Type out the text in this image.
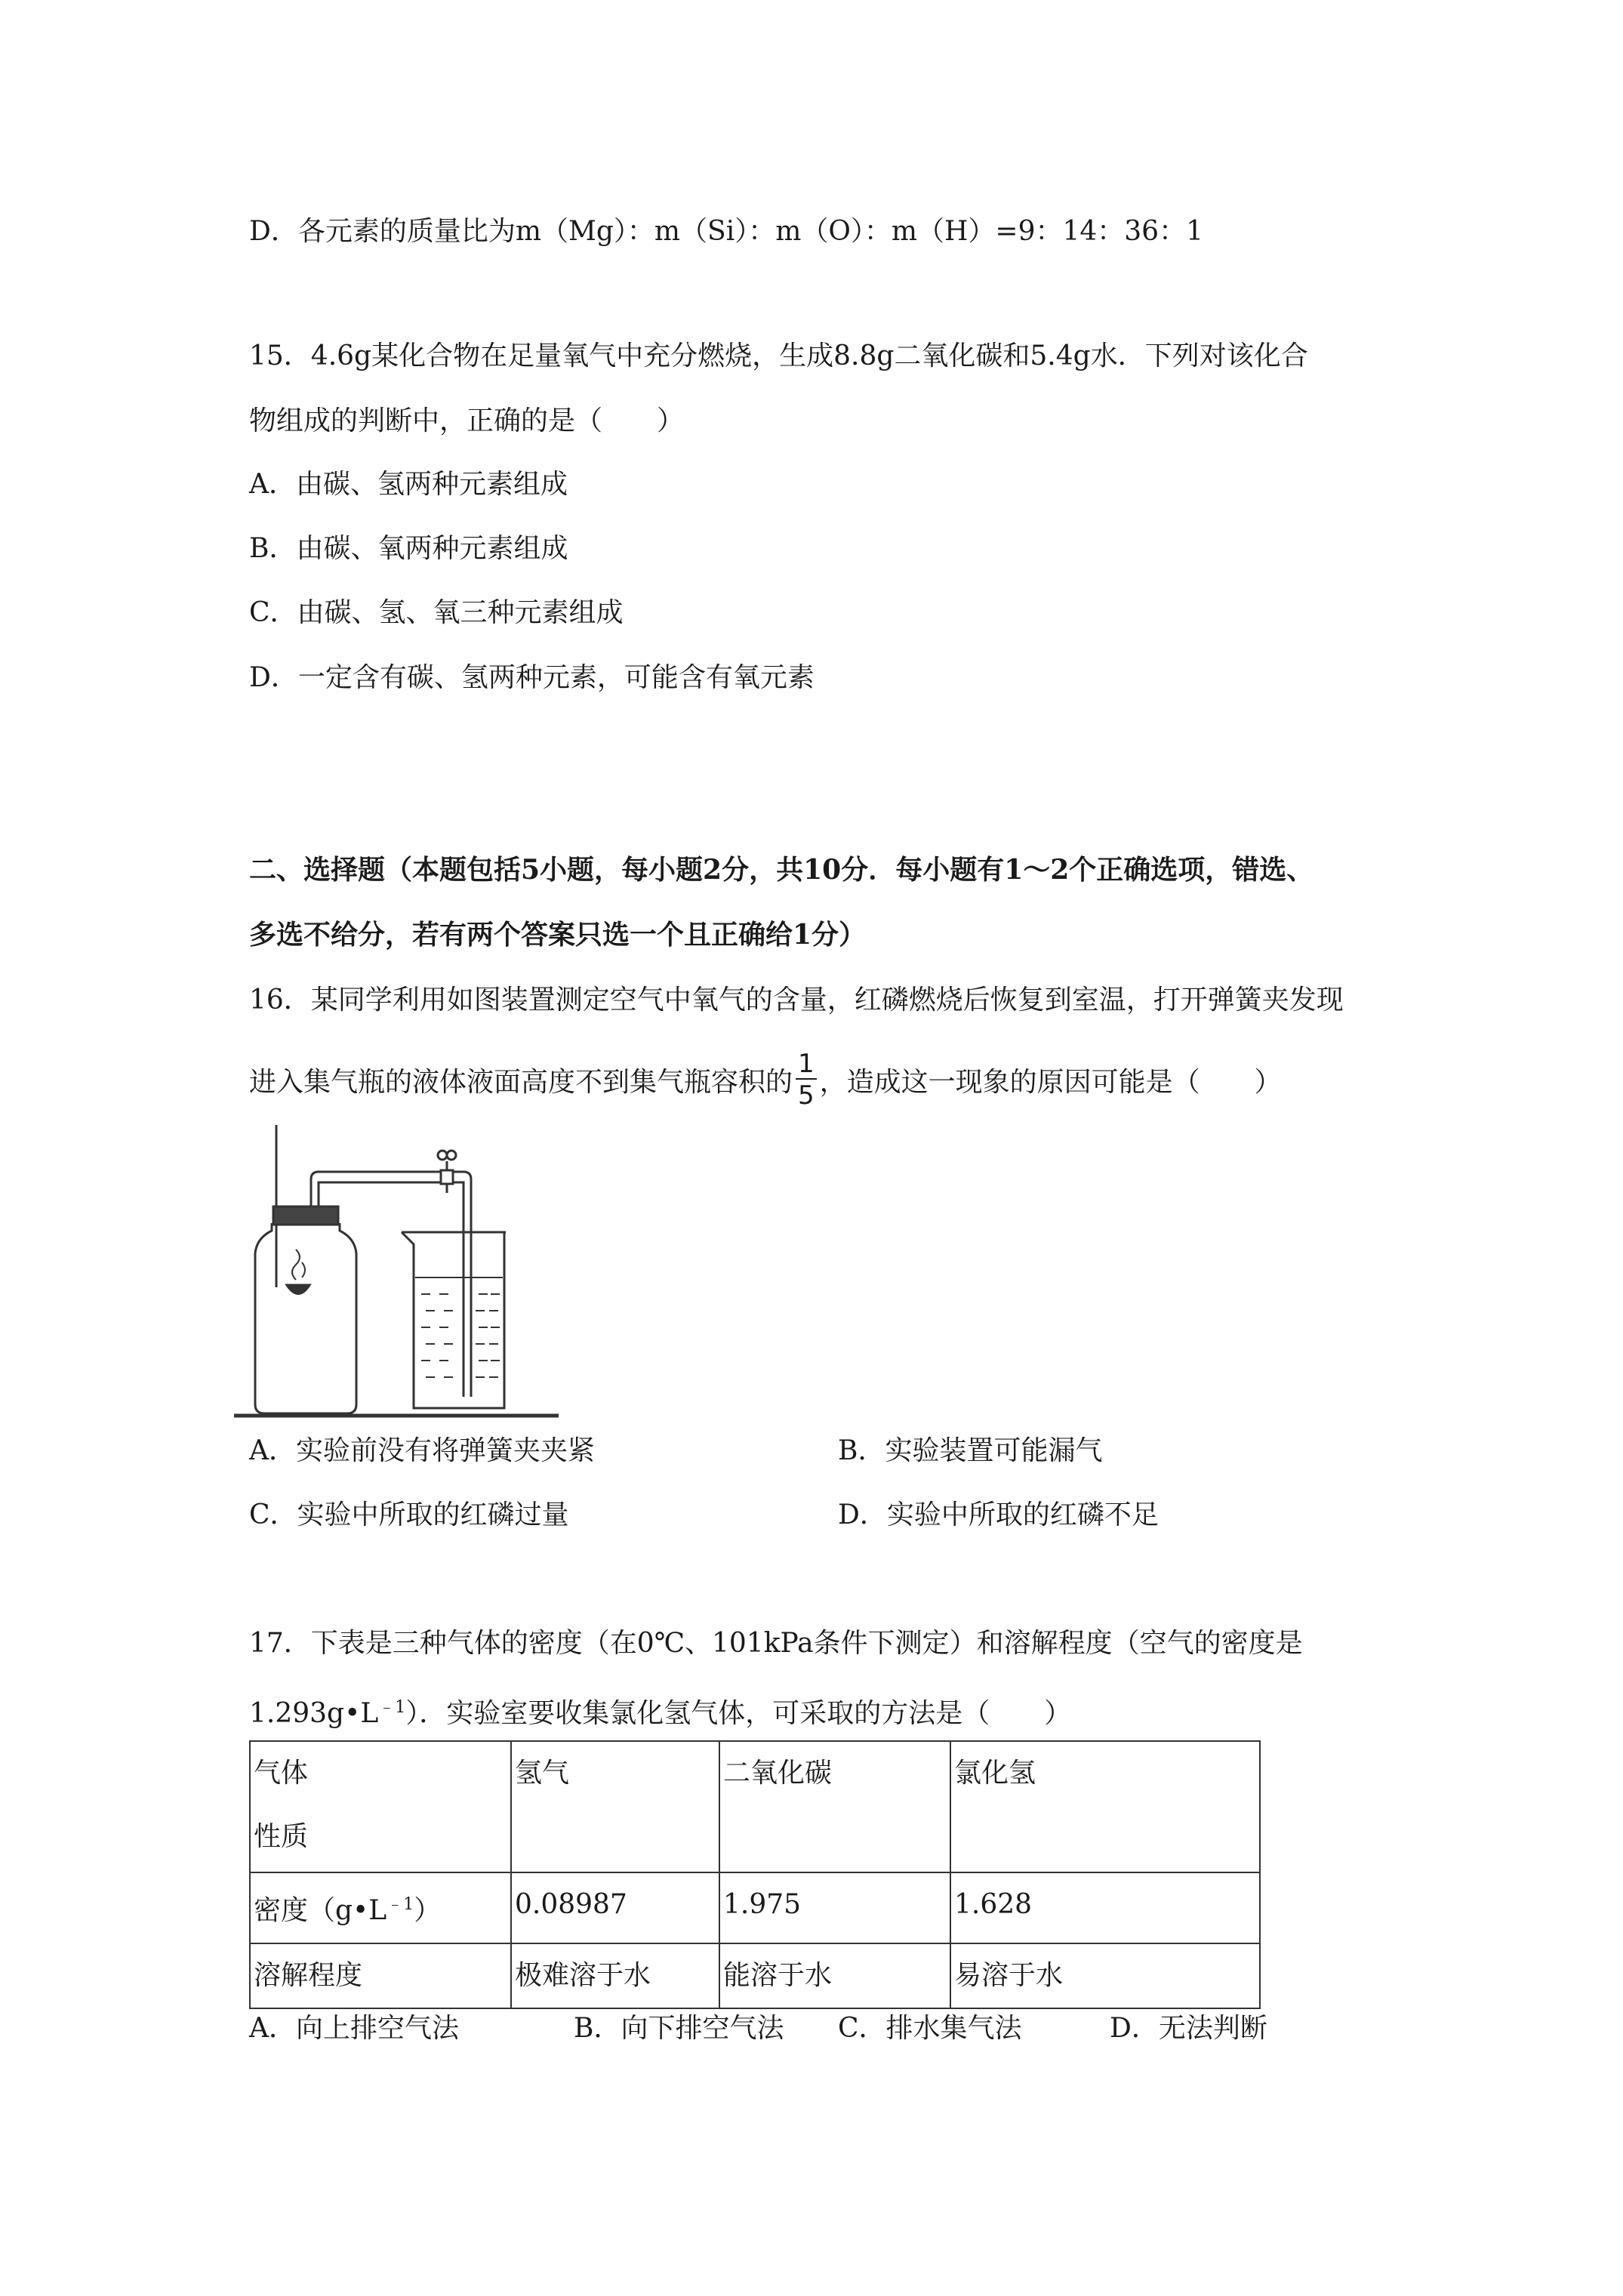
D．各元素的质量比为m（Mg）：m（Si）：m（O）：m（H）=9：14：36：1
15．4.6g某化合物在足量氧气中充分燃烧，生成8.8g二氧化碳和5.4g水．下列对该化合
物组成的判断中，正确的是（　　）
A．由碳、氢两种元素组成
B．由碳、氧两种元素组成
C．由碳、氢、氧三种元素组成
D．一定含有碳、氢两种元素，可能含有氧元素
二、选择题（本题包括5小题，每小题2分，共10分．每小题有1～2个正确选项，错选、
多选不给分，若有两个答案只选一个且正确给1分）
16．某同学利用如图装置测定空气中氧气的含量，红磷燃烧后恢复到室温，打开弹簧夹发现
进入集气瓶的液体液面高度不到集气瓶容积的 $\frac{1}{5}$ ，造成这一现象的原因可能是（　　）
A．实验前没有将弹簧夹夹紧	B．实验装置可能漏气
C．实验中所取的红磷过量	D．实验中所取的红磷不足
17．下表是三种气体的密度（在0℃、101kPa条件下测定）和溶解程度（空气的密度是
$1.293g•L^{﹣1}$）．实验室要收集氯化氢气体，可采取的方法是（　　）
气体
性质	氢气	二氧化碳	氯化氢
密度$(g•L^{﹣1})$	0.08987	1.975	1.628
溶解程度	极难溶于水	能溶于水	易溶于水
A．向上排空气法	B．向下排空气法 C．排水集气法	D．无法判断
